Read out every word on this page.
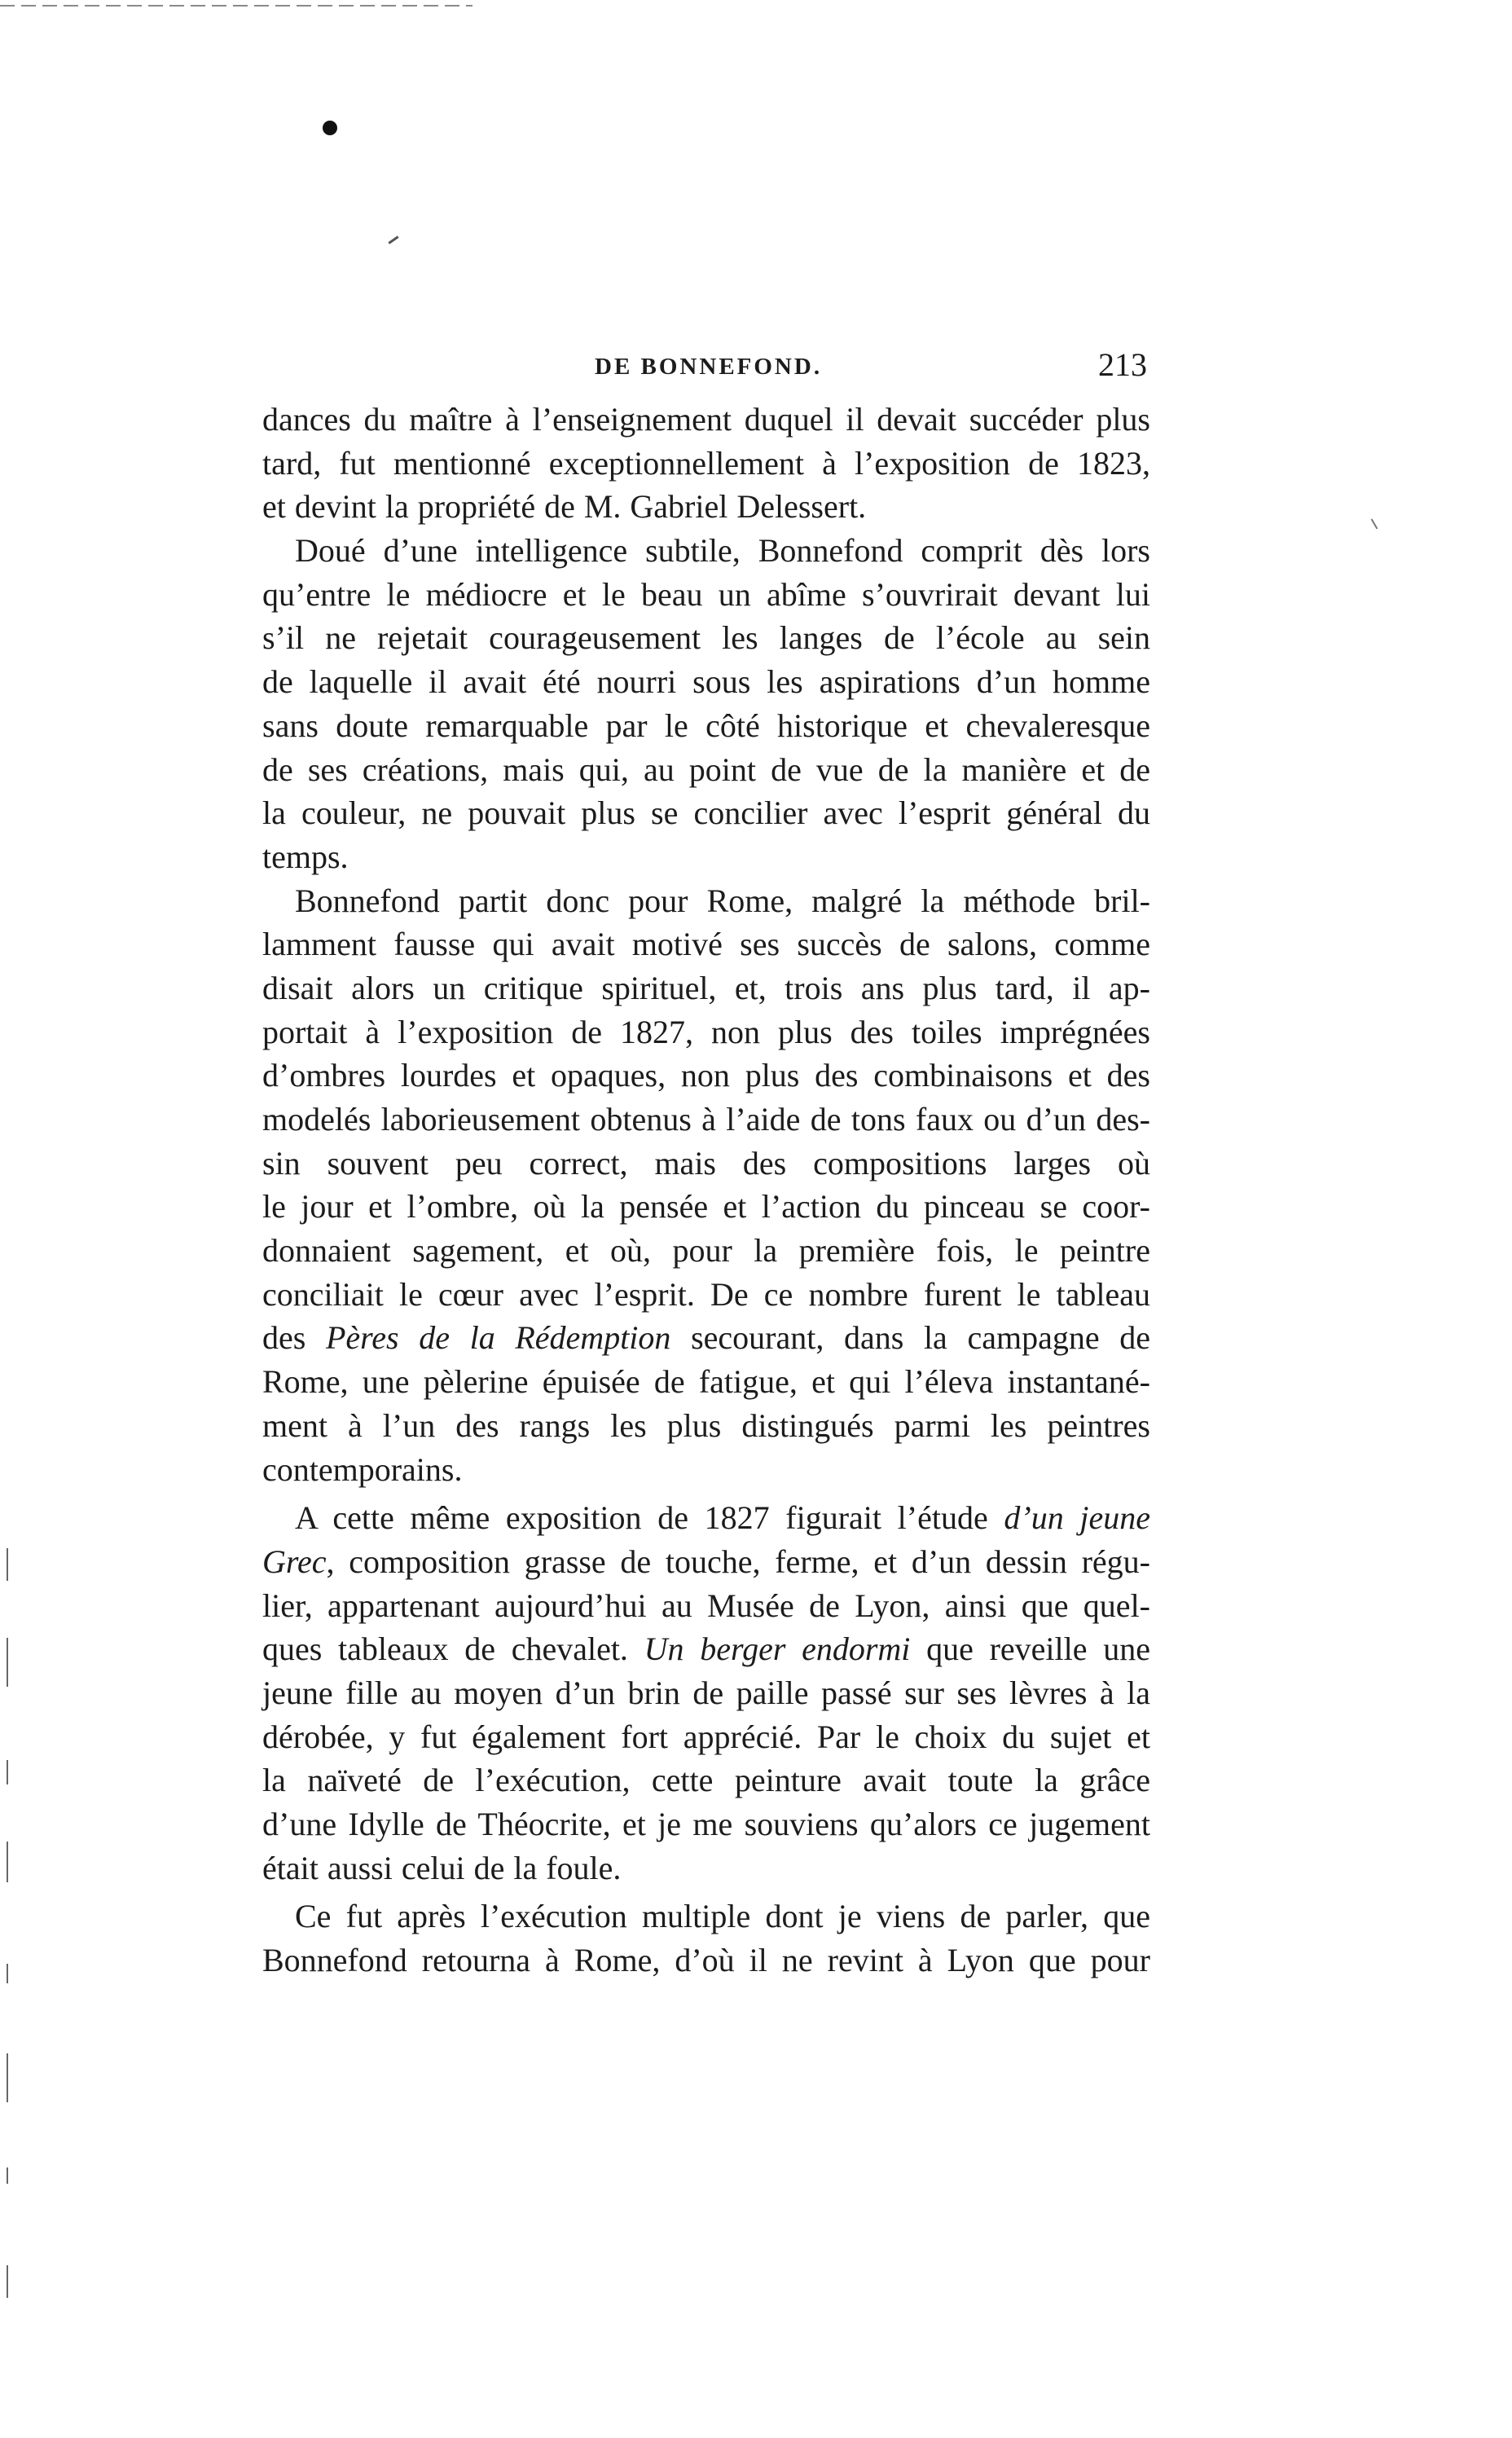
DE BONNEFOND.	213
dances du maître à l’enseignement duquel il devait succéder plus
tard, fut mentionné exceptionnellement à l’exposition de 1823,
et devint la propriété de M. Gabriel Delessert.
Doué d’une intelligence subtile, Bonnefond comprit dès lors
qu’entre le médiocre et le beau un abîme s’ouvrirait devant lui
s’il ne rejetait courageusement les langes de l’école au sein
de laquelle il avait été nourri sous les aspirations d’un homme
sans doute remarquable par le côté historique et chevaleresque
de ses créations, mais qui, au point de vue de la manière et de
la couleur, ne pouvait plus se concilier avec l’esprit général du
temps.
Bonnefond partit donc pour Rome, malgré la méthode bril-
lamment fausse qui avait motivé ses succès de salons, comme
disait alors un critique spirituel, et, trois ans plus tard, il ap-
portait à l’exposition de 1827, non plus des toiles imprégnées
d’ombres lourdes et opaques, non plus des combinaisons et des
modelés laborieusement obtenus à l’aide de tons faux ou d’un des-
sin souvent peu correct, mais des compositions larges où
le jour et l’ombre, où la pensée et l’action du pinceau se coor-
donnaient sagement, et où, pour la première fois, le peintre
conciliait le cœur avec l’esprit. De ce nombre furent le tableau
des Pères de la Rédemption secourant, dans la campagne de
Rome, une pèlerine épuisée de fatigue, et qui l’éleva instantané-
ment à l’un des rangs les plus distingués parmi les peintres
contemporains.
A cette même exposition de 1827 figurait l’étude d’un jeune
Grec, composition grasse de touche, ferme, et d’un dessin régu-
lier, appartenant aujourd’hui au Musée de Lyon, ainsi que quel-
ques tableaux de chevalet. Un berger endormi que reveille une
jeune fille au moyen d’un brin de paille passé sur ses lèvres à la
dérobée, y fut également fort apprécié. Par le choix du sujet et
la naïveté de l’exécution, cette peinture avait toute la grâce
d’une Idylle de Théocrite, et je me souviens qu’alors ce jugement
était aussi celui de la foule.
Ce fut après l’exécution multiple dont je viens de parler, que
Bonnefond retourna à Rome, d’où il ne revint à Lyon que pour
